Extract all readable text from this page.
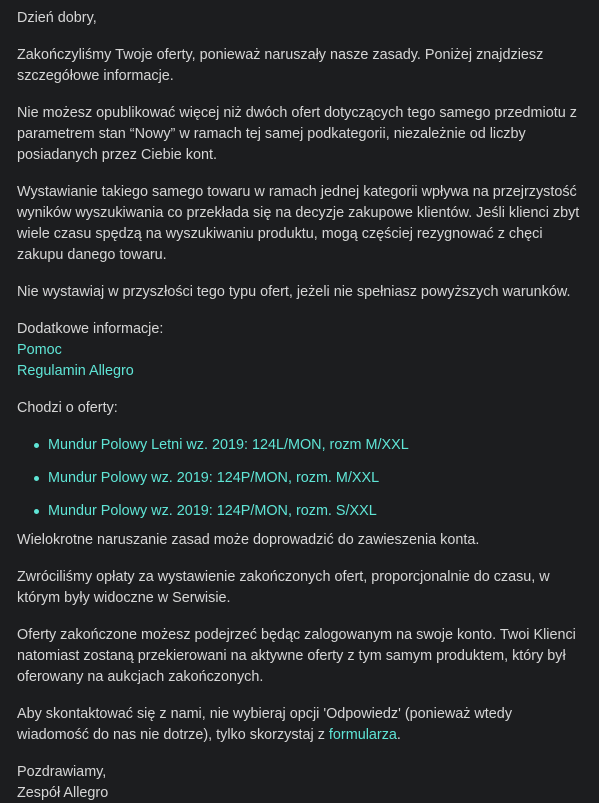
Dzień dobry,

Zakończyliśmy Twoje oferty, ponieważ naruszały nasze zasady. Poniżej znajdziesz szczegółowe informacje.

Nie możesz opublikować więcej niż dwóch ofert dotyczących tego samego przedmiotu z parametrem stan “Nowy” w ramach tej samej podkategorii, niezależnie od liczby posiadanych przez Ciebie kont.

Wystawianie takiego samego towaru w ramach jednej kategorii wpływa na przejrzystość wyników wyszukiwania co przekłada się na decyzje zakupowe klientów. Jeśli klienci zbyt wiele czasu spędzą na wyszukiwaniu produktu, mogą częściej rezygnować z chęci zakupu danego towaru.

Nie wystawiaj w przyszłości tego typu ofert, jeżeli nie spełniasz powyższych warunków.

Dodatkowe informacje:

Pomoc

Regulamin Allegro

Chodzi o oferty:

Mundur Polowy Letni wz. 2019: 124L/MON, rozm M/XXL
Mundur Polowy wz. 2019: 124P/MON, rozm. M/XXL
Mundur Polowy wz. 2019: 124P/MON, rozm. S/XXL

Wielokrotne naruszanie zasad może doprowadzić do zawieszenia konta.

Zwróciliśmy opłaty za wystawienie zakończonych ofert, proporcjonalnie do czasu, w którym były widoczne w Serwisie.

Oferty zakończone możesz podejrzeć będąc zalogowanym na swoje konto. Twoi Klienci natomiast zostaną przekierowani na aktywne oferty z tym samym produktem, który był oferowany na aukcjach zakończonych.

Aby skontaktować się z nami, nie wybieraj opcji 'Odpowiedz' (ponieważ wtedy wiadomość do nas nie dotrze), tylko skorzystaj z formularza.

Pozdrawiamy,

Zespół Allegro
